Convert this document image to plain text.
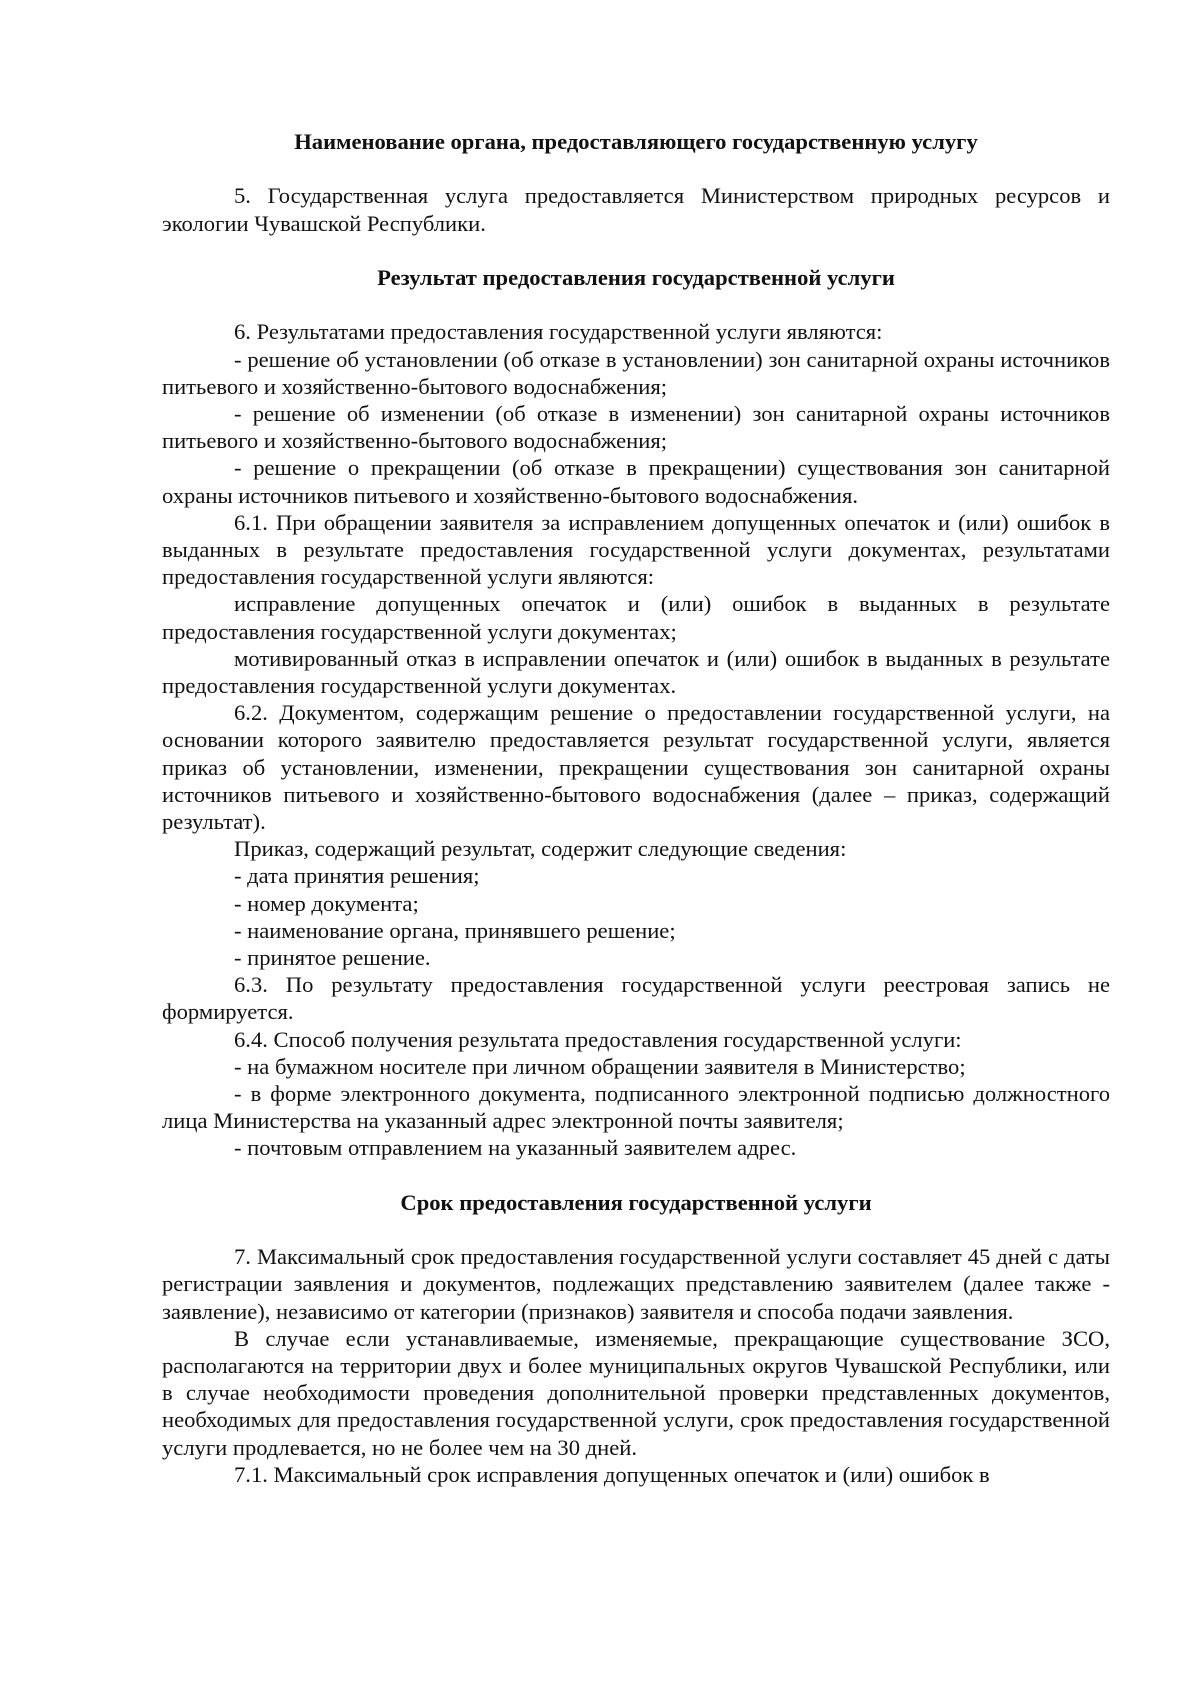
Наименование органа, предоставляющего государственную услугу

5. Государственная услуга предоставляется Министерством природных ресурсов и экологии Чувашской Республики.

Результат предоставления государственной услуги

6. Результатами предоставления государственной услуги являются:

- решение об установлении (об отказе в установлении) зон санитарной охраны источников питьевого и хозяйственно-бытового водоснабжения;

- решение об изменении (об отказе в изменении) зон санитарной охраны источников питьевого и хозяйственно-бытового водоснабжения;

- решение о прекращении (об отказе в прекращении) существования зон санитарной охраны источников питьевого и хозяйственно-бытового водоснабжения.

6.1. При обращении заявителя за исправлением допущенных опечаток и (или) ошибок в выданных в результате предоставления государственной услуги документах, результатами предоставления государственной услуги являются:

исправление допущенных опечаток и (или) ошибок в выданных в результате предоставления государственной услуги документах;

мотивированный отказ в исправлении опечаток и (или) ошибок в выданных в результате предоставления государственной услуги документах.

6.2. Документом, содержащим решение о предоставлении государственной услуги, на основании которого заявителю предоставляется результат государственной услуги, является приказ об установлении, изменении, прекращении существования зон санитарной охраны источников питьевого и хозяйственно-бытового водоснабжения (далее – приказ, содержащий результат).

Приказ, содержащий результат, содержит следующие сведения:

- дата принятия решения;

- номер документа;

- наименование органа, принявшего решение;

- принятое решение.

6.3. По результату предоставления государственной услуги реестровая запись не формируется.

6.4. Способ получения результата предоставления государственной услуги:

- на бумажном носителе при личном обращении заявителя в Министерство;

- в форме электронного документа, подписанного электронной подписью должностного лица Министерства на указанный адрес электронной почты заявителя;

- почтовым отправлением на указанный заявителем адрес.

Срок предоставления государственной услуги

7. Максимальный срок предоставления государственной услуги составляет 45 дней с даты регистрации заявления и документов, подлежащих представлению заявителем (далее также - заявление), независимо от категории (признаков) заявителя и способа подачи заявления.

В случае если устанавливаемые, изменяемые, прекращающие существование ЗСО, располагаются на территории двух и более муниципальных округов Чувашской Республики, или в случае необходимости проведения дополнительной проверки представленных документов, необходимых для предоставления государственной услуги, срок предоставления государственной услуги продлевается, но не более чем на 30 дней.

7.1. Максимальный срок исправления допущенных опечаток и (или) ошибок в
